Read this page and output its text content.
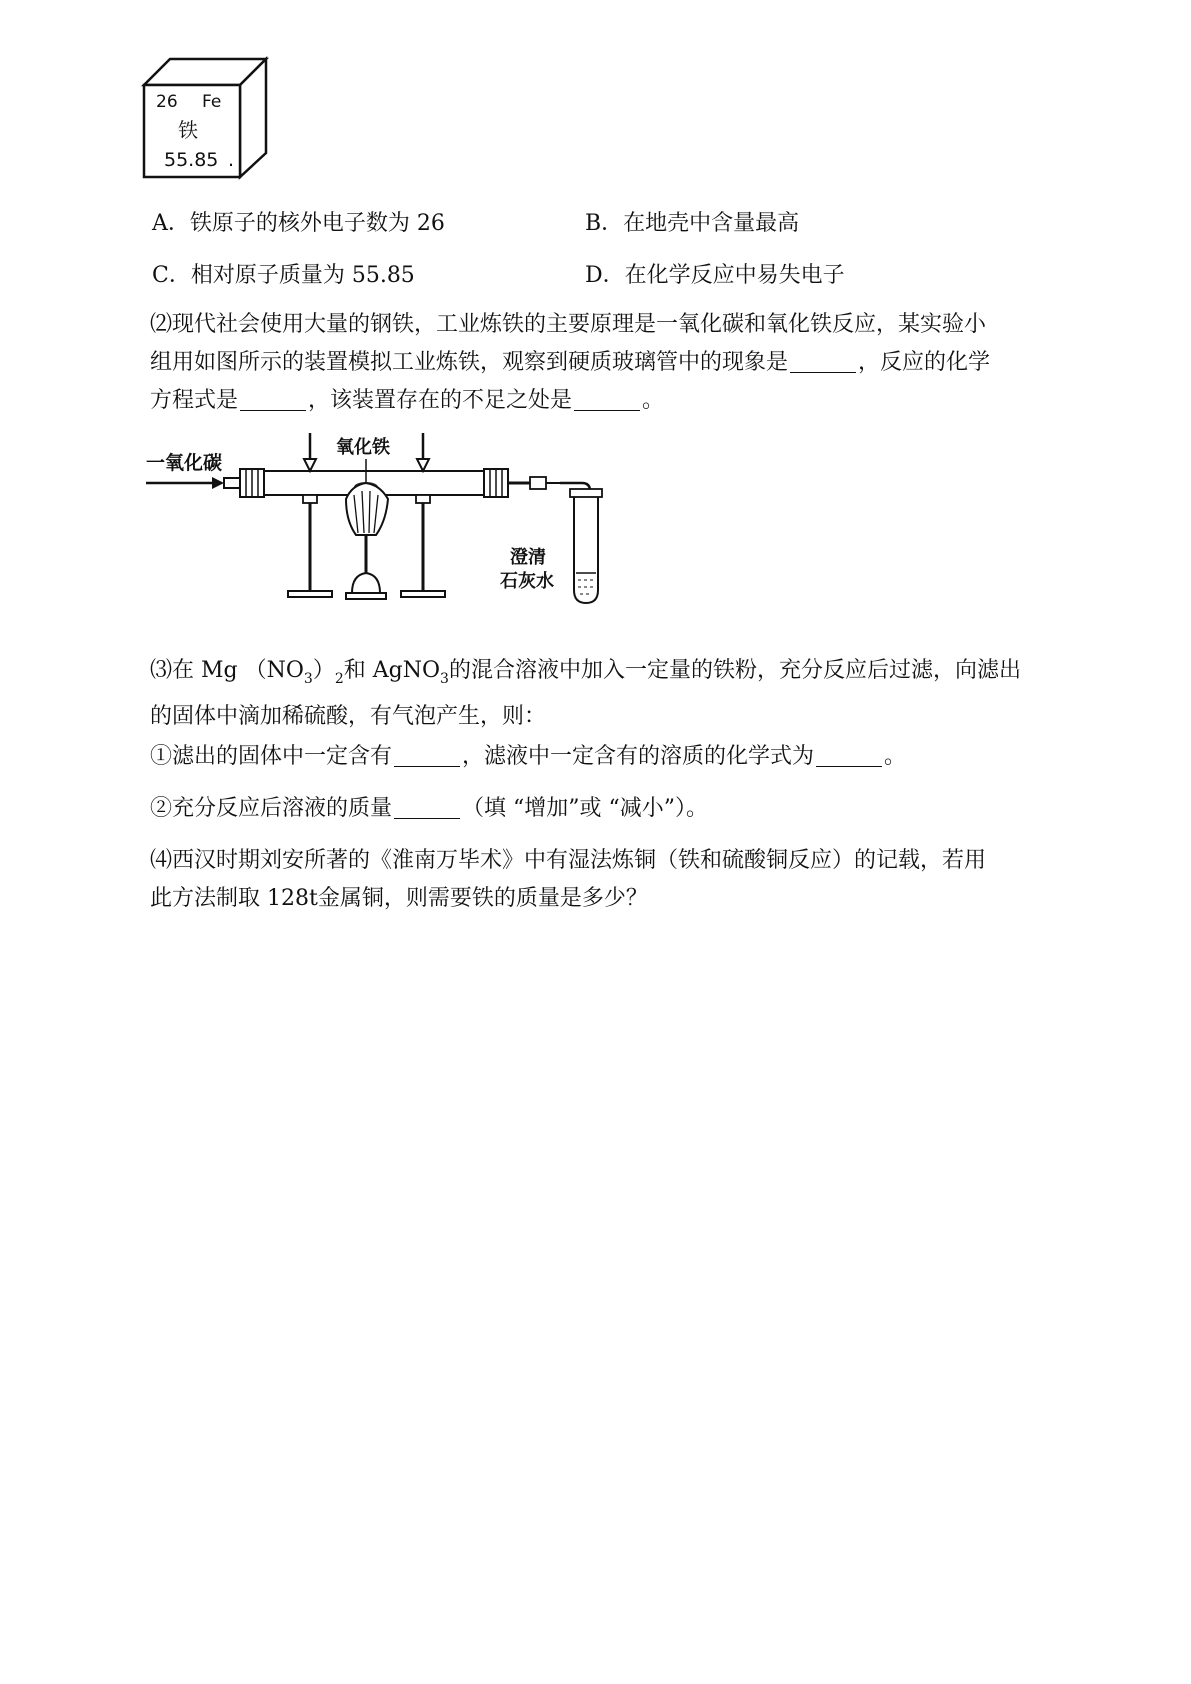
26 Fe
铁
55.85 .
A．铁原子的核外电子数为 26	B．在地壳中含量最高
C．相对原子质量为 55.85	D．在化学反应中易失电子
⑵现代社会使用大量的钢铁，工业炼铁的主要原理是一氧化碳和氧化铁反应，某实验小
组用如图所示的装置模拟工业炼铁，观察到硬质玻璃管中的现象是	，反应的化学
方程式是	，该装置存在的不足之处是	。
一氧化碳
氧化铁
澄清
石灰水
⑶在 Mg $(NO_3)_2$和 AgNO$_3$的混合溶液中加入一定量的铁粉，充分反应后过滤，向滤出
的固体中滴加稀硫酸，有气泡产生，则：
①滤出的固体中一定含有	，滤液中一定含有的溶质的化学式为	。
②充分反应后溶液的质量	（填 “增加”或 “减小”）。
⑷西汉时期刘安所著的《淮南万毕术》中有湿法炼铜（铁和硫酸铜反应）的记载，若用
此方法制取 128t金属铜，则需要铁的质量是多少？
